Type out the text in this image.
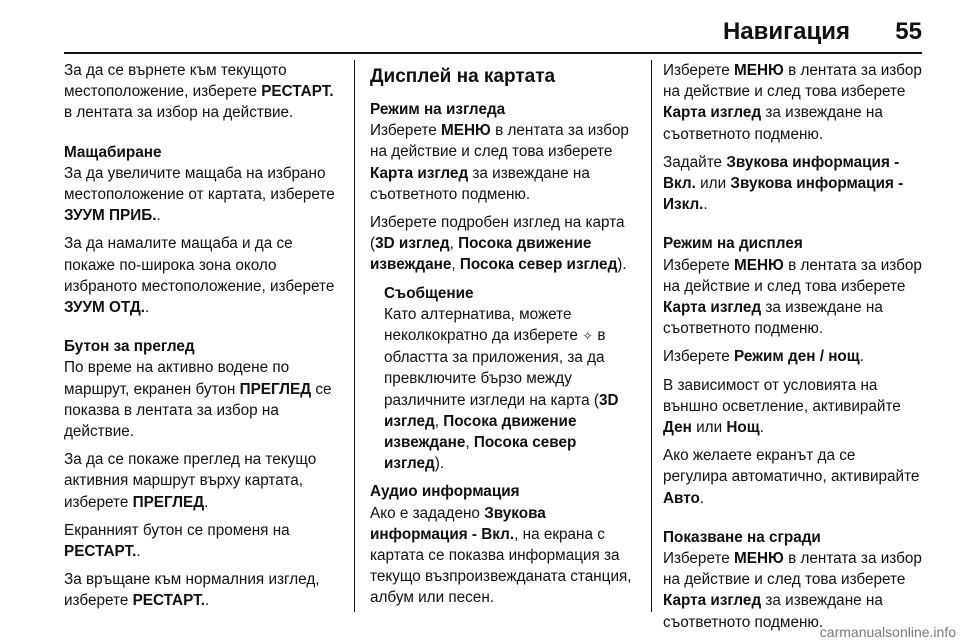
Навигация 55

За да се върнете към текущото местоположение, изберете РЕСТАРТ. в лентата за избор на действие.

Мащабиране

За да увеличите мащаба на избрано местоположение от картата, изберете ЗУУМ ПРИБ..

За да намалите мащаба и да се покаже по-широка зона около избраното местоположение, изберете ЗУУМ ОТД..

Бутон за преглед

По време на активно водене по маршрут, екранен бутон ПРЕГЛЕД се показва в лентата за избор на действие.

За да се покаже преглед на текущо активния маршрут върху картата, изберете ПРЕГЛЕД.

Екранният бутон се променя на РЕСТАРТ..

За връщане към нормалния изглед, изберете РЕСТАРТ..

Дисплей на картата
Режим на изгледа

Изберете МЕНЮ в лентата за избор на действие и след това изберете Карта изглед за извеждане на съответното подменю.

Изберете подробен изглед на карта (3D изглед, Посока движение извеждане, Посока север изглед).

Съобщение
Като алтернатива, можете неколкократно да изберете ✧ в областта за приложения, за да превключите бързо между различните изгледи на карта (3D изглед, Посока движение извеждане, Посока север изглед).
Аудио информация

Ако е зададено Звукова информация - Вкл., на екрана с картата се показва информация за текущо възпроизвежданата станция, албум или песен.

Изберете МЕНЮ в лентата за избор на действие и след това изберете Карта изглед за извеждане на съответното подменю.

Задайте Звукова информация - Вкл. или Звукова информация - Изкл..

Режим на дисплея

Изберете МЕНЮ в лентата за избор на действие и след това изберете Карта изглед за извеждане на съответното подменю.

Изберете Режим ден / нощ.

В зависимост от условията на външно осветление, активирайте Ден или Нощ.

Ако желаете екранът да се регулира автоматично, активирайте Авто.

Показване на сгради

Изберете МЕНЮ в лентата за избор на действие и след това изберете Карта изглед за извеждане на съответното подменю.

carmanualsonline.info
